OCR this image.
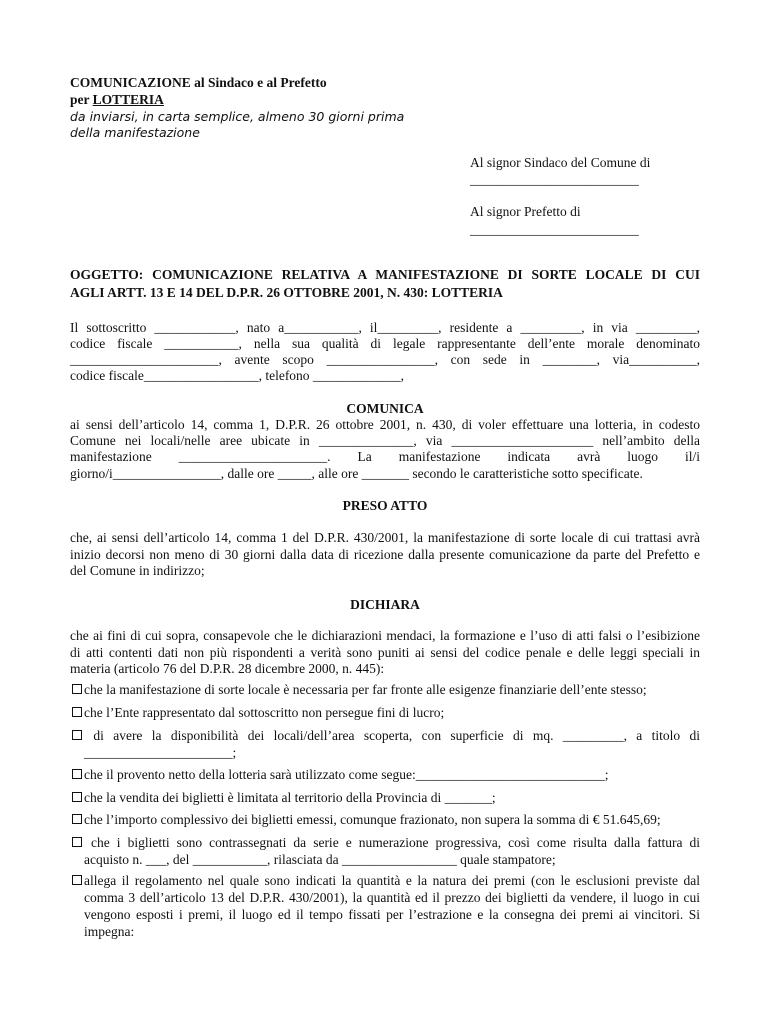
COMUNICAZIONE al Sindaco e al Prefetto
per LOTTERIA
da inviarsi, in carta semplice, almeno 30 giorni prima
della manifestazione
Al signor Sindaco del Comune di
_________________________
Al signor Prefetto di
_________________________
OGGETTO: COMUNICAZIONE RELATIVA A MANIFESTAZIONE DI SORTE LOCALE DI CUI
AGLI ARTT. 13 E 14 DEL D.P.R. 26 OTTOBRE 2001, N. 430: LOTTERIA
Il sottoscritto ____________, nato a___________, il_________, residente a _________, in via _________,
codice fiscale ___________, nella sua qualità di legale rappresentante dell’ente morale denominato
______________________, avente scopo ________________, con sede in ________, via__________,
codice fiscale_________________, telefono _____________,
COMUNICA
ai sensi dell’articolo 14, comma 1, D.P.R. 26 ottobre 2001, n. 430, di voler effettuare una lotteria, in codesto
Comune nei locali/nelle aree ubicate in ______________, via _____________________ nell’ambito della
manifestazione ______________________. La manifestazione indicata avrà luogo il/i
giorno/i________________, dalle ore _____, alle ore _______ secondo le caratteristiche sotto specificate.
PRESO ATTO
che, ai sensi dell’articolo 14, comma 1 del D.P.R. 430/2001, la manifestazione di sorte locale di cui trattasi avrà
inizio decorsi non meno di 30 giorni dalla data di ricezione dalla presente comunicazione da parte del Prefetto e
del Comune in indirizzo;
DICHIARA
che ai fini di cui sopra, consapevole che le dichiarazioni mendaci, la formazione e l’uso di atti falsi o l’esibizione
di atti contenti dati non più rispondenti a verità sono puniti ai sensi del codice penale e delle leggi speciali in
materia (articolo 76 del D.P.R. 28 dicembre 2000, n. 445):
che la manifestazione di sorte locale è necessaria per far fronte alle esigenze finanziarie dell’ente stesso;
che l’Ente rappresentato dal sottoscritto non persegue fini di lucro;
di avere la disponibilità dei locali/dell’area scoperta, con superficie di mq. _________, a titolo di
______________________;
che il provento netto della lotteria sarà utilizzato come segue:____________________________;
che la vendita dei biglietti è limitata al territorio della Provincia di _______;
che l’importo complessivo dei biglietti emessi, comunque frazionato, non supera la somma di € 51.645,69;
che i biglietti sono contrassegnati da serie e numerazione progressiva, così come risulta dalla fattura di
acquisto n. ___, del ___________, rilasciata da _________________ quale stampatore;
allega il regolamento nel quale sono indicati la quantità e la natura dei premi (con le esclusioni previste dal
comma 3 dell’articolo 13 del D.P.R. 430/2001), la quantità ed il prezzo dei biglietti da vendere, il luogo in cui
vengono esposti i premi, il luogo ed il tempo fissati per l’estrazione e la consegna dei premi ai vincitori. Si
impegna:
